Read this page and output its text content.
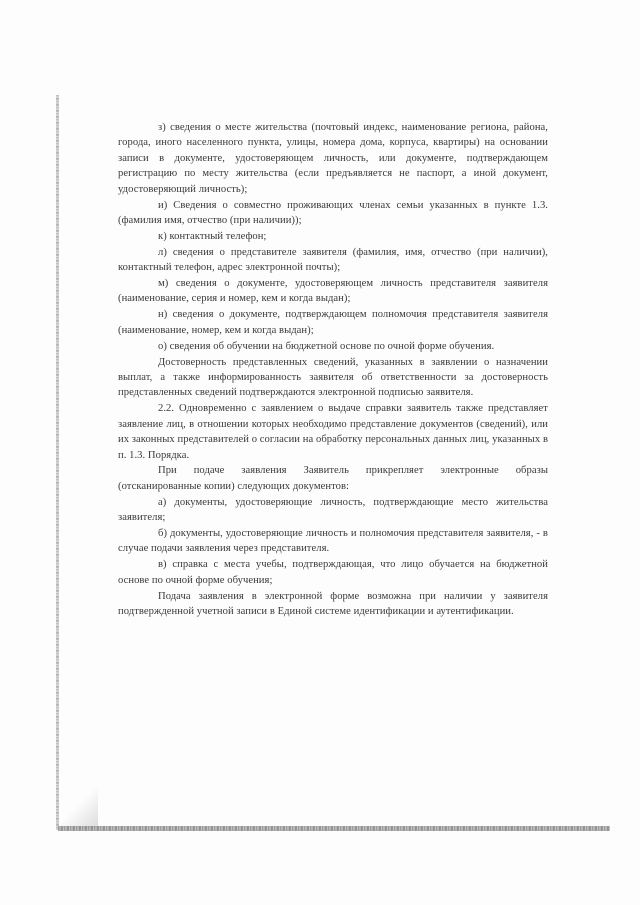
з) сведения о месте жительства (почтовый индекс, наименование региона, района, города, иного населенного пункта, улицы, номера дома, корпуса, квартиры) на основании записи в документе, удостоверяющем личность, или документе, подтверждающем регистрацию по месту жительства (если предъявляется не паспорт, а иной документ, удостоверяющий личность);

и) Сведения о совместно проживающих членах семьи указанных в пункте 1.3. (фамилия имя, отчество (при наличии));

к) контактный телефон;

л) сведения о представителе заявителя (фамилия, имя, отчество (при наличии), контактный телефон, адрес электронной почты);

м) сведения о документе, удостоверяющем личность представителя заявителя (наименование, серия и номер, кем и когда выдан);

н) сведения о документе, подтверждающем полномочия представителя заявителя (наименование, номер, кем и когда выдан);

о) сведения об обучении на бюджетной основе по очной форме обучения.

Достоверность представленных сведений, указанных в заявлении о назначении выплат, а также информированность заявителя об ответственности за достоверность представленных сведений подтверждаются электронной подписью заявителя.

2.2. Одновременно с заявлением о выдаче справки заявитель также представляет заявление лиц, в отношении которых необходимо представление документов (сведений), или их законных представителей о согласии на обработку персональных данных лиц, указанных в п. 1.3. Порядка.

При подаче заявления Заявитель прикрепляет электронные образы (отсканированные копии) следующих документов:

а) документы, удостоверяющие личность, подтверждающие место жительства заявителя;

б) документы, удостоверяющие личность и полномочия представителя заявителя, - в случае подачи заявления через представителя.

в) справка с места учебы, подтверждающая, что лицо обучается на бюджетной основе по очной форме обучения;

Подача заявления в электронной форме возможна при наличии у заявителя подтвержденной учетной записи в Единой системе идентификации и аутентификации.
